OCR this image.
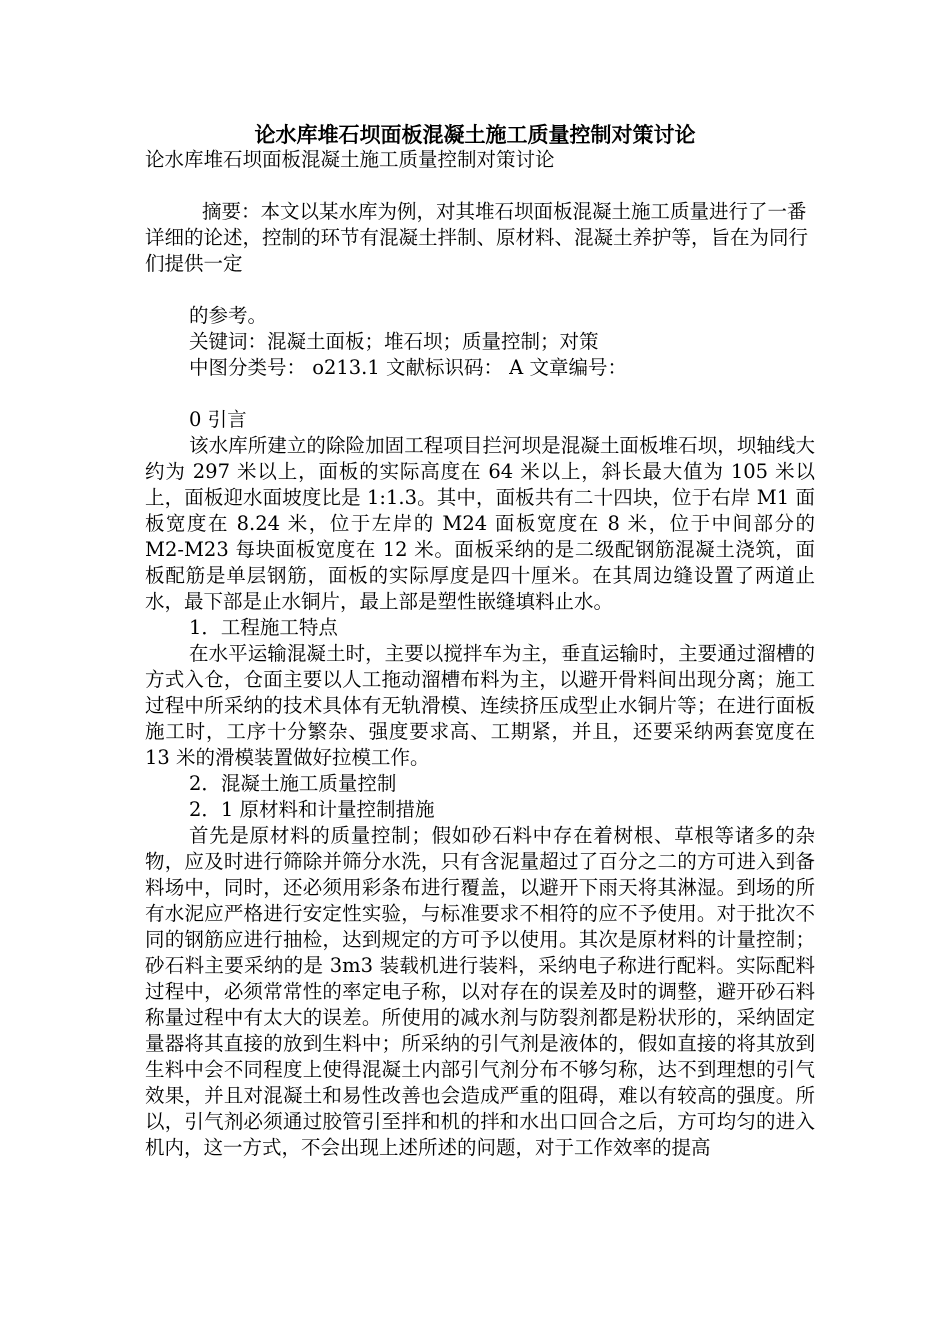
论水库堆石坝面板混凝土施工质量控制对策讨论

论水库堆石坝面板混凝土施工质量控制对策讨论

摘要：本文以某水库为例，对其堆石坝面板混凝土施工质量进行了一番详细的论述，控制的环节有混凝土拌制、原材料、混凝土养护等，旨在为同行们提供一定

的参考。

关键词：混凝土面板；堆石坝；质量控制；对策

中图分类号： o213.1 文献标识码： A 文章编号：

0 引言

该水库所建立的除险加固工程项目拦河坝是混凝土面板堆石坝，坝轴线大约为 297 米以上，面板的实际高度在 64 米以上，斜长最大值为 105 米以上，面板迎水面坡度比是 1:1.3。其中，面板共有二十四块，位于右岸 M1 面板宽度在 8.24 米，位于左岸的 M24 面板宽度在 8 米，位于中间部分的 M2-M23 每块面板宽度在 12 米。面板采纳的是二级配钢筋混凝土浇筑，面板配筋是单层钢筋，面板的实际厚度是四十厘米。在其周边缝设置了两道止水，最下部是止水铜片，最上部是塑性嵌缝填料止水。

1．工程施工特点

在水平运输混凝土时，主要以搅拌车为主，垂直运输时，主要通过溜槽的方式入仓，仓面主要以人工拖动溜槽布料为主，以避开骨料间出现分离；施工过程中所采纳的技术具体有无轨滑模、连续挤压成型止水铜片等；在进行面板施工时，工序十分繁杂、强度要求高、工期紧，并且，还要采纳两套宽度在 13 米的滑模装置做好拉模工作。

2．混凝土施工质量控制

2．1 原材料和计量控制措施

首先是原材料的质量控制；假如砂石料中存在着树根、草根等诸多的杂物，应及时进行筛除并筛分水洗，只有含泥量超过了百分之二的方可进入到备料场中，同时，还必须用彩条布进行覆盖，以避开下雨天将其淋湿。到场的所有水泥应严格进行安定性实验，与标准要求不相符的应不予使用。对于批次不同的钢筋应进行抽检，达到规定的方可予以使用。其次是原材料的计量控制；砂石料主要采纳的是 3m3 装载机进行装料，采纳电子称进行配料。实际配料过程中，必须常常性的率定电子称，以对存在的误差及时的调整，避开砂石料称量过程中有太大的误差。所使用的减水剂与防裂剂都是粉状形的，采纳固定量器将其直接的放到生料中；所采纳的引气剂是液体的，假如直接的将其放到生料中会不同程度上使得混凝土内部引气剂分布不够匀称，达不到理想的引气效果，并且对混凝土和易性改善也会造成严重的阻碍，难以有较高的强度。所以，引气剂必须通过胶管引至拌和机的拌和水出口回合之后，方可均匀的进入机内，这一方式，不会出现上述所述的问题，对于工作效率的提高
